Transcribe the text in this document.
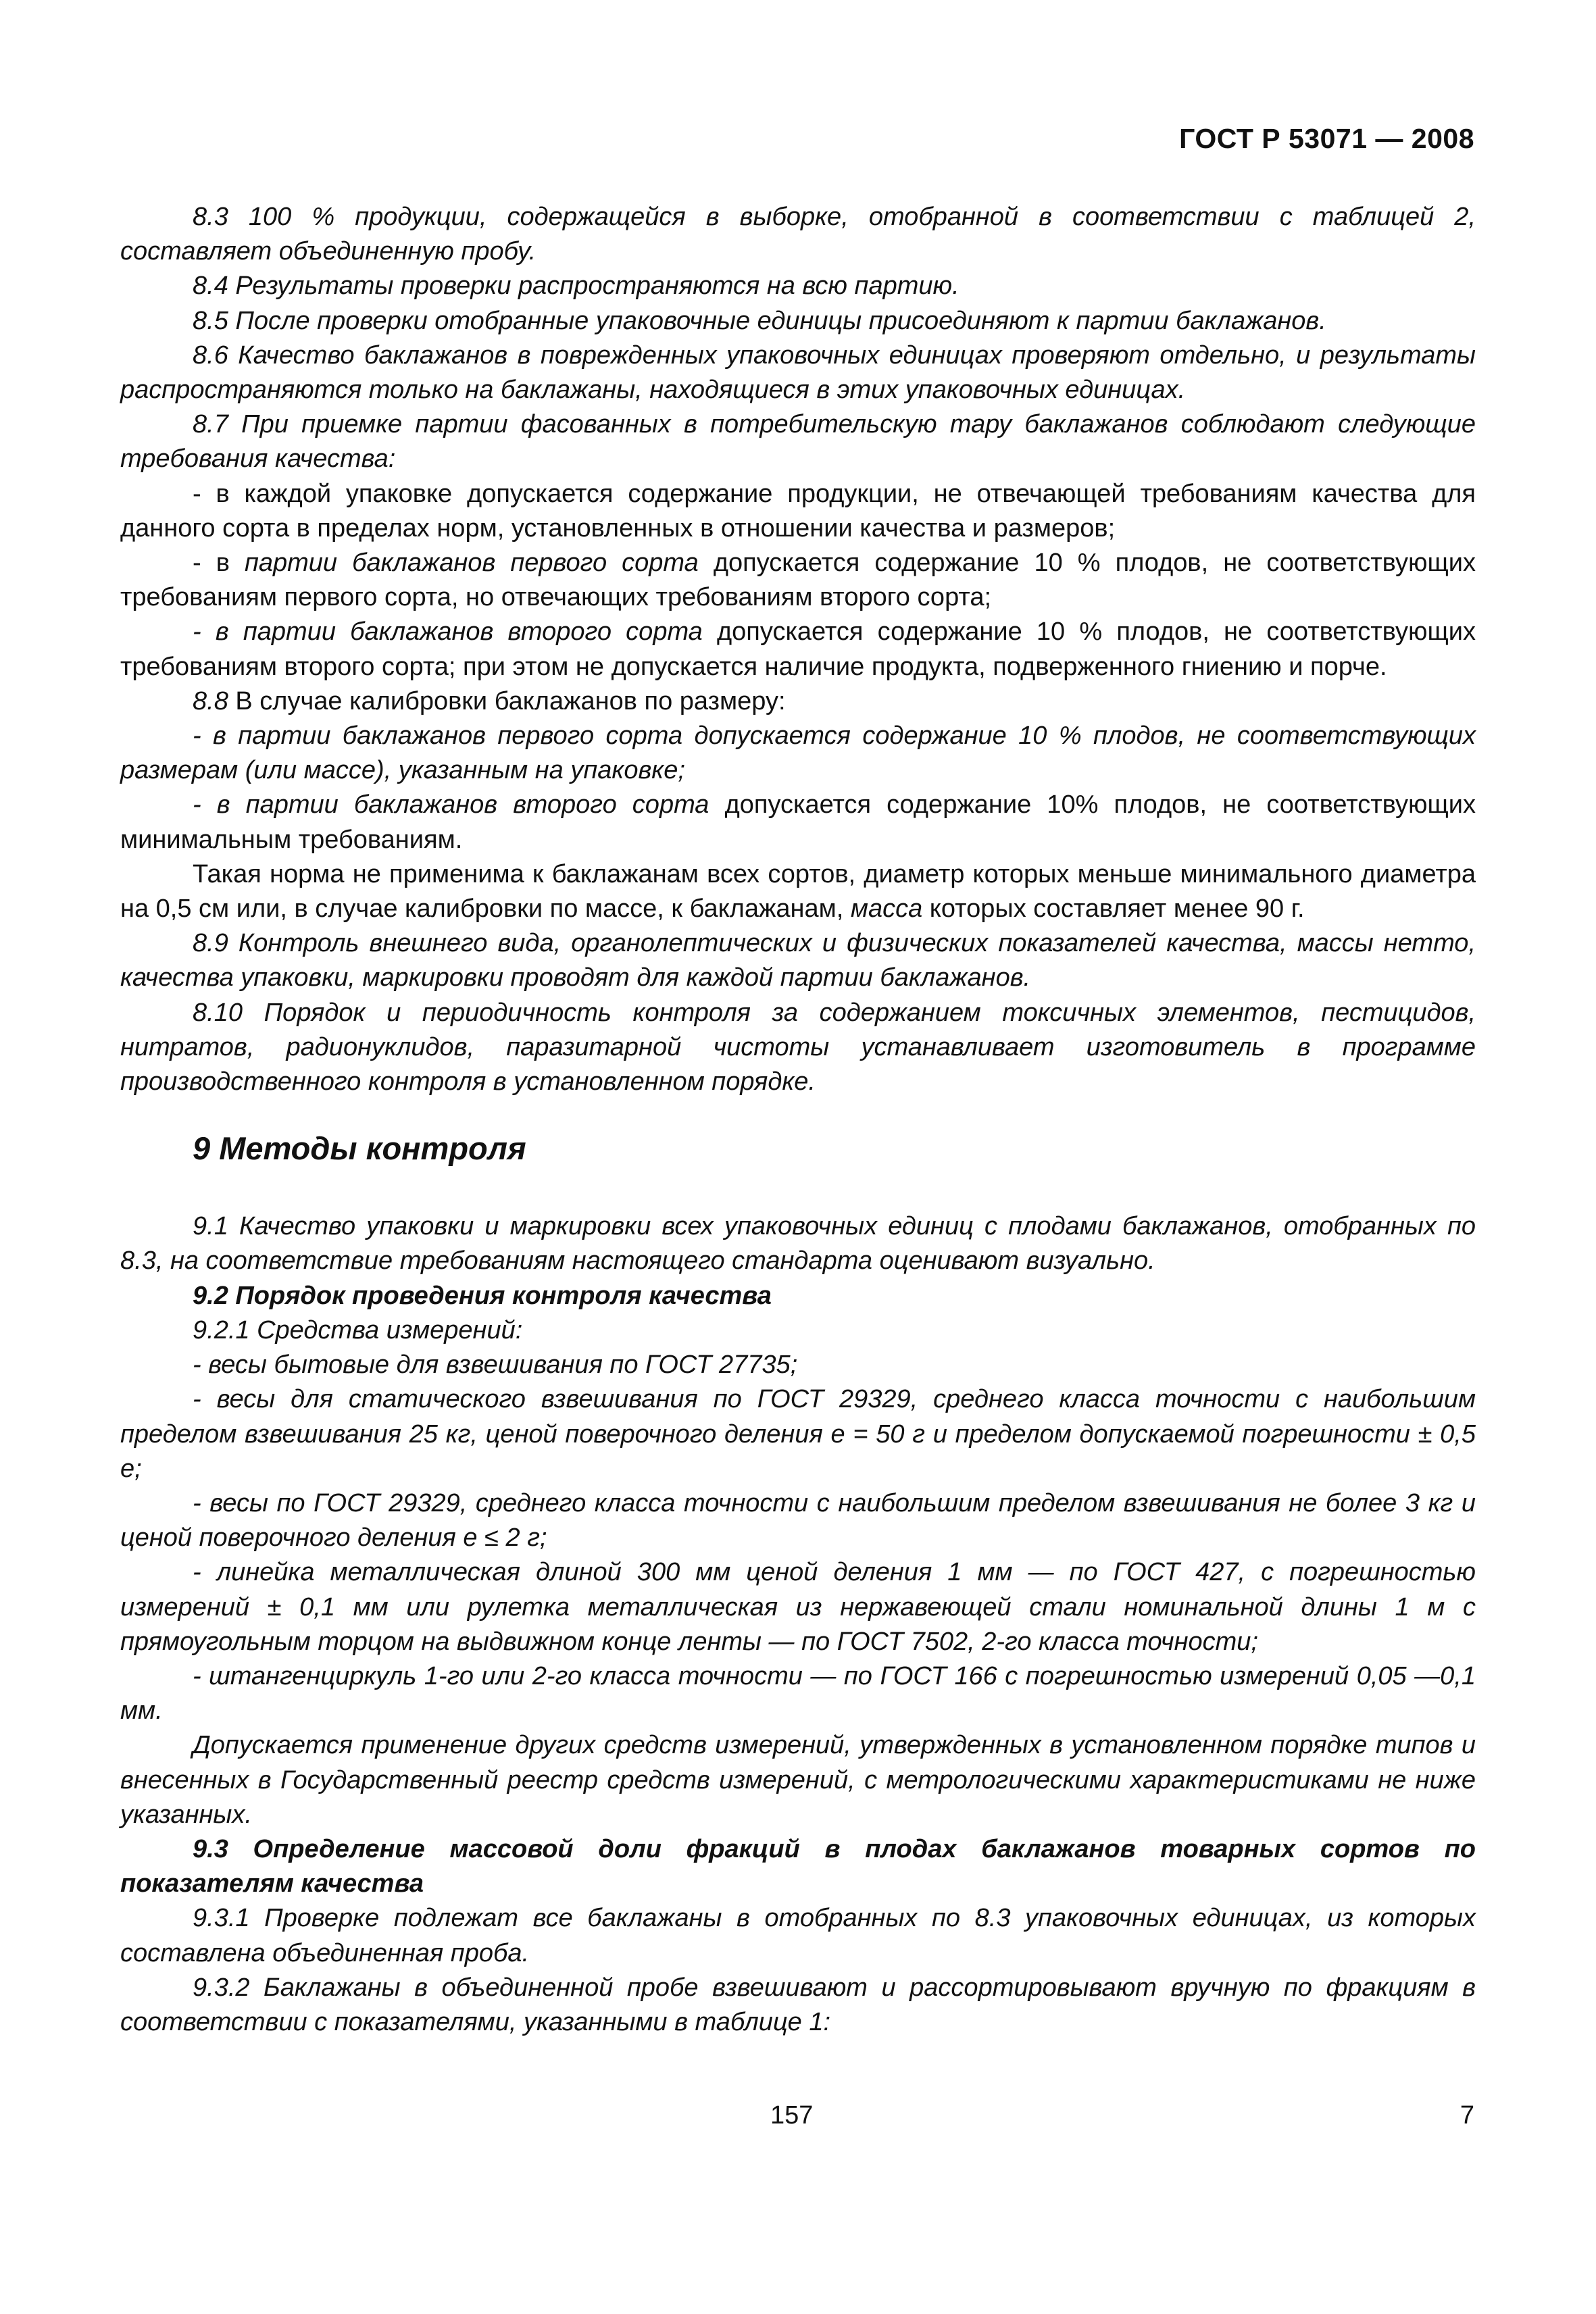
ГОСТ Р 53071 — 2008

8.3 100 % продукции, содержащейся в выборке, отобранной в соответствии с таблицей 2, составляет объединенную пробу.

8.4 Результаты проверки распространяются на всю партию.

8.5 После проверки отобранные упаковочные единицы присоединяют к партии баклажанов.

8.6 Качество баклажанов в поврежденных упаковочных единицах проверяют отдельно, и результаты распространяются только на баклажаны, находящиеся в этих упаковочных единицах.

8.7 При приемке партии фасованных в потребительскую тару баклажанов соблюдают следующие требования качества:

- в каждой упаковке допускается содержание продукции, не отвечающей требованиям качества для данного сорта в пределах норм, установленных в отношении качества и размеров;

- в партии баклажанов первого сорта допускается содержание 10 % плодов, не соответствующих требованиям первого сорта, но отвечающих требованиям второго сорта;

- в партии баклажанов второго сорта допускается содержание 10 % плодов, не соответствующих требованиям второго сорта; при этом не допускается наличие продукта, подверженного гниению и порче.

8.8 В случае калибровки баклажанов по размеру:

- в партии баклажанов первого сорта допускается содержание 10 % плодов, не соответствующих размерам (или массе), указанным на упаковке;

- в партии баклажанов второго сорта допускается содержание 10% плодов, не соответствующих минимальным требованиям.

Такая норма не применима к баклажанам всех сортов, диаметр которых меньше минимального диаметра на 0,5 см или, в случае калибровки по массе, к баклажанам, масса которых составляет менее 90 г.

8.9 Контроль внешнего вида, органолептических и физических показателей качества, массы нетто, качества упаковки, маркировки проводят для каждой партии баклажанов.

8.10 Порядок и периодичность контроля за содержанием токсичных элементов, пестицидов, нитратов, радионуклидов, паразитарной чистоты устанавливает изготовитель в программе производственного контроля в установленном порядке.

9 Методы контроля

9.1 Качество упаковки и маркировки всех упаковочных единиц с плодами баклажанов, отобранных по 8.3, на соответствие требованиям настоящего стандарта оценивают визуально.

9.2 Порядок проведения контроля качества

9.2.1 Средства измерений:

- весы бытовые для взвешивания по ГОСТ 27735;

- весы для статического взвешивания по ГОСТ 29329, среднего класса точности с наибольшим пределом взвешивания 25 кг, ценой поверочного деления е = 50 г и пределом допускаемой погрешности ± 0,5 е;

- весы по ГОСТ 29329, среднего класса точности с наибольшим пределом взвешивания не более 3 кг и ценой поверочного деления е ≤ 2 г;

- линейка металлическая длиной 300 мм ценой деления 1 мм — по ГОСТ 427, с погрешностью измерений ± 0,1 мм или рулетка металлическая из нержавеющей стали номинальной длины 1 м с прямоугольным торцом на выдвижном конце ленты — по ГОСТ 7502, 2-го класса точности;

- штангенциркуль 1-го или 2-го класса точности — по ГОСТ 166 с погрешностью измерений 0,05 —0,1 мм.

Допускается применение других средств измерений, утвержденных в установленном порядке типов и внесенных в Государственный реестр средств измерений, с метрологическими характеристиками не ниже указанных.

9.3 Определение массовой доли фракций в плодах баклажанов товарных сортов по показателям качества

9.3.1 Проверке подлежат все баклажаны в отобранных по 8.3 упаковочных единицах, из которых составлена объединенная проба.

9.3.2 Баклажаны в объединенной пробе взвешивают и рассортировывают вручную по фракциям в соответствии с показателями, указанными в таблице 1:

157	7
